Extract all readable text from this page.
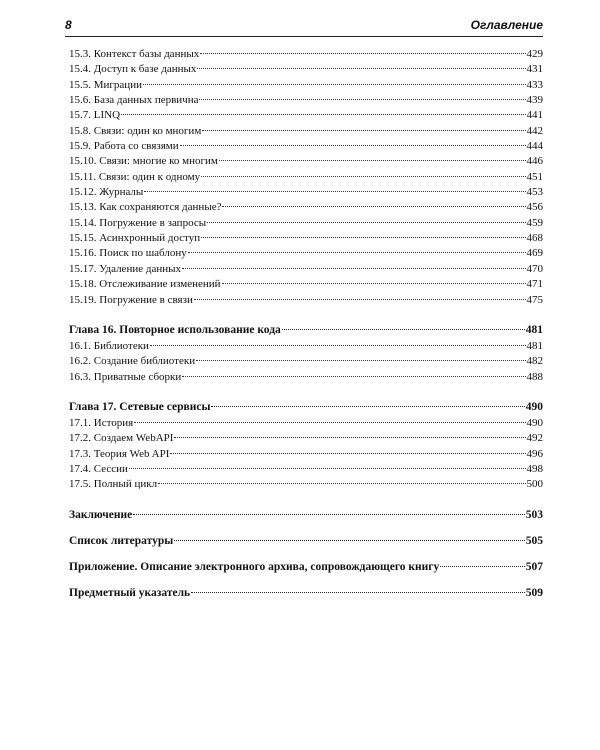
8	Оглавление
15.3. Контекст базы данных	429
15.4. Доступ к базе данных	431
15.5. Миграции	433
15.6. База данных первична	439
15.7. LINQ	441
15.8. Связи: один ко многим	442
15.9. Работа со связями	444
15.10. Связи: многие ко многим	446
15.11. Связи: один к одному	451
15.12. Журналы	453
15.13. Как сохраняются данные?	456
15.14. Погружение в запросы	459
15.15. Асинхронный доступ	468
15.16. Поиск по шаблону	469
15.17. Удаление данных	470
15.18. Отслеживание изменений	471
15.19. Погружение в связи	475
Глава 16. Повторное использование кода	481
16.1. Библиотеки	481
16.2. Создание библиотеки	482
16.3. Приватные сборки	488
Глава 17. Сетевые сервисы	490
17.1. История	490
17.2. Создаем WebAPI	492
17.3. Теория Web API	496
17.4. Сессии	498
17.5. Полный цикл	500
Заключение	503
Список литературы	505
Приложение. Описание электронного архива, сопровождающего книгу	507
Предметный указатель	509
